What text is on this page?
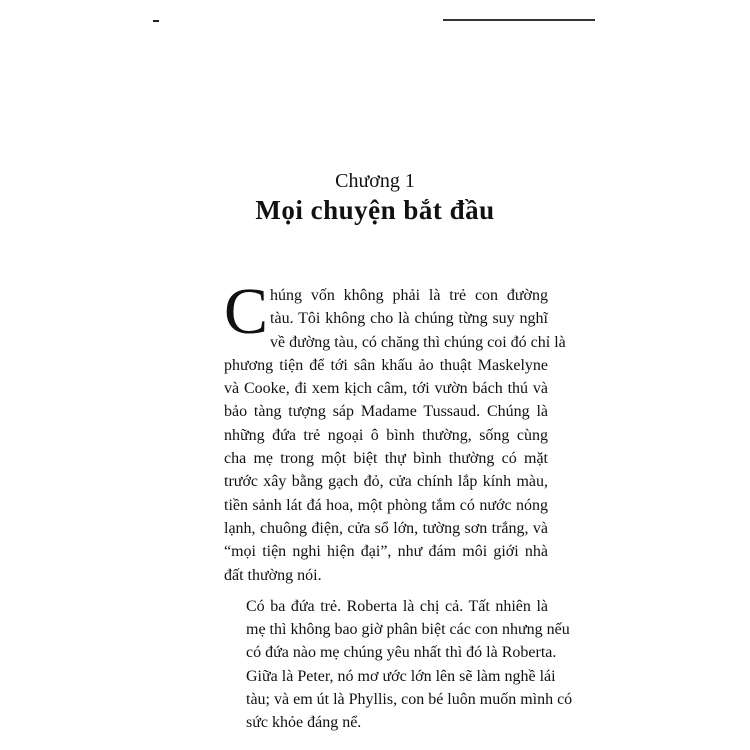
Chương 1
Mọi chuyện bắt đầu

C húng vốn không phải là trẻ con đường
tàu. Tôi không cho là chúng từng suy nghĩ
về đường tàu, có chăng thì chúng coi đó chỉ là
phương tiện để tới sân khấu ảo thuật Maskelyne
và Cooke, đi xem kịch câm, tới vườn bách thú và
bảo tàng tượng sáp Madame Tussaud. Chúng là
những đứa trẻ ngoại ô bình thường, sống cùng
cha mẹ trong một biệt thự bình thường có mặt
trước xây bằng gạch đỏ, cửa chính lắp kính màu,
tiền sảnh lát đá hoa, một phòng tắm có nước nóng
lạnh, chuông điện, cửa sổ lớn, tường sơn trắng, và
“mọi tiện nghi hiện đại”, như đám môi giới nhà
đất thường nói.

Có ba đứa trẻ. Roberta là chị cả. Tất nhiên là
mẹ thì không bao giờ phân biệt các con nhưng nếu
có đứa nào mẹ chúng yêu nhất thì đó là Roberta.
Giữa là Peter, nó mơ ước lớn lên sẽ làm nghề lái
tàu; và em út là Phyllis, con bé luôn muốn mình có
sức khỏe đáng nể.
